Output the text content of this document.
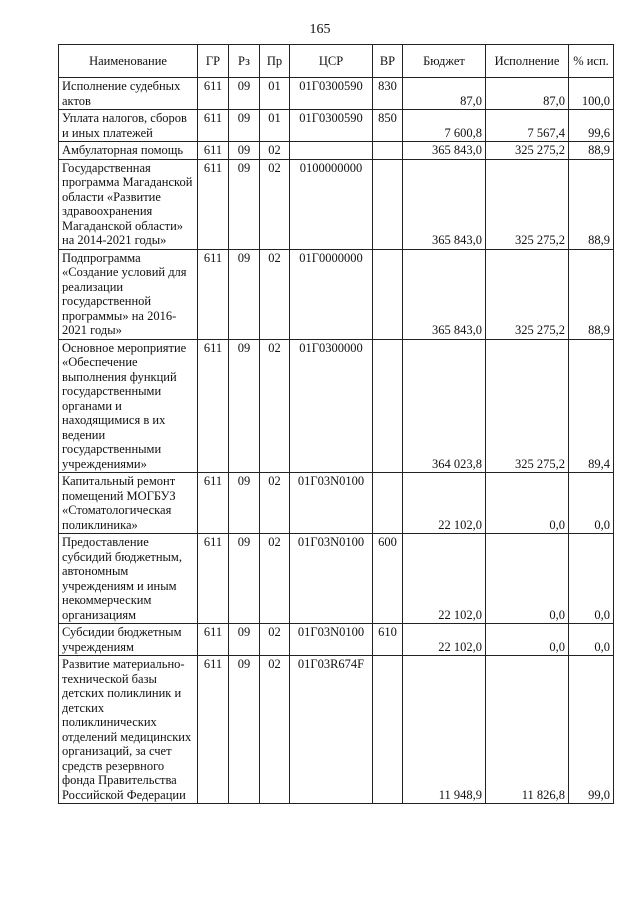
165
Наименование	ГР	Рз	Пр	ЦСР	ВР	Бюджет	Исполнение	% исп.
Исполнение судебных актов	611	09	01	01Г0300590	830	87,0	87,0	100,0
Уплата налогов, сборов и иных платежей	611	09	01	01Г0300590	850	7 600,8	7 567,4	99,6
Амбулаторная помощь	611	09	02			365 843,0	325 275,2	88,9
Государственная программа Магаданской области «Развитие здравоохранения Магаданской области» на 2014-2021 годы»	611	09	02	0100000000		365 843,0	325 275,2	88,9
Подпрограмма «Создание условий для реализации государственной программы» на 2016-2021 годы»	611	09	02	01Г0000000		365 843,0	325 275,2	88,9
Основное мероприятие «Обеспечение выполнения функций государственными органами и находящимися в их ведении государственными учреждениями»	611	09	02	01Г0300000		364 023,8	325 275,2	89,4
Капитальный ремонт помещений МОГБУЗ «Стоматологическая поликлиника»	611	09	02	01Г03N0100		22 102,0	0,0	0,0
Предоставление субсидий бюджетным, автономным учреждениям и иным некоммерческим организациям	611	09	02	01Г03N0100	600	22 102,0	0,0	0,0
Субсидии бюджетным учреждениям	611	09	02	01Г03N0100	610	22 102,0	0,0	0,0
Развитие материально-технической базы детских поликлиник и детских поликлинических отделений медицинских организаций, за счет средств резервного фонда Правительства Российской Федерации	611	09	02	01Г03R674F		11 948,9	11 826,8	99,0
